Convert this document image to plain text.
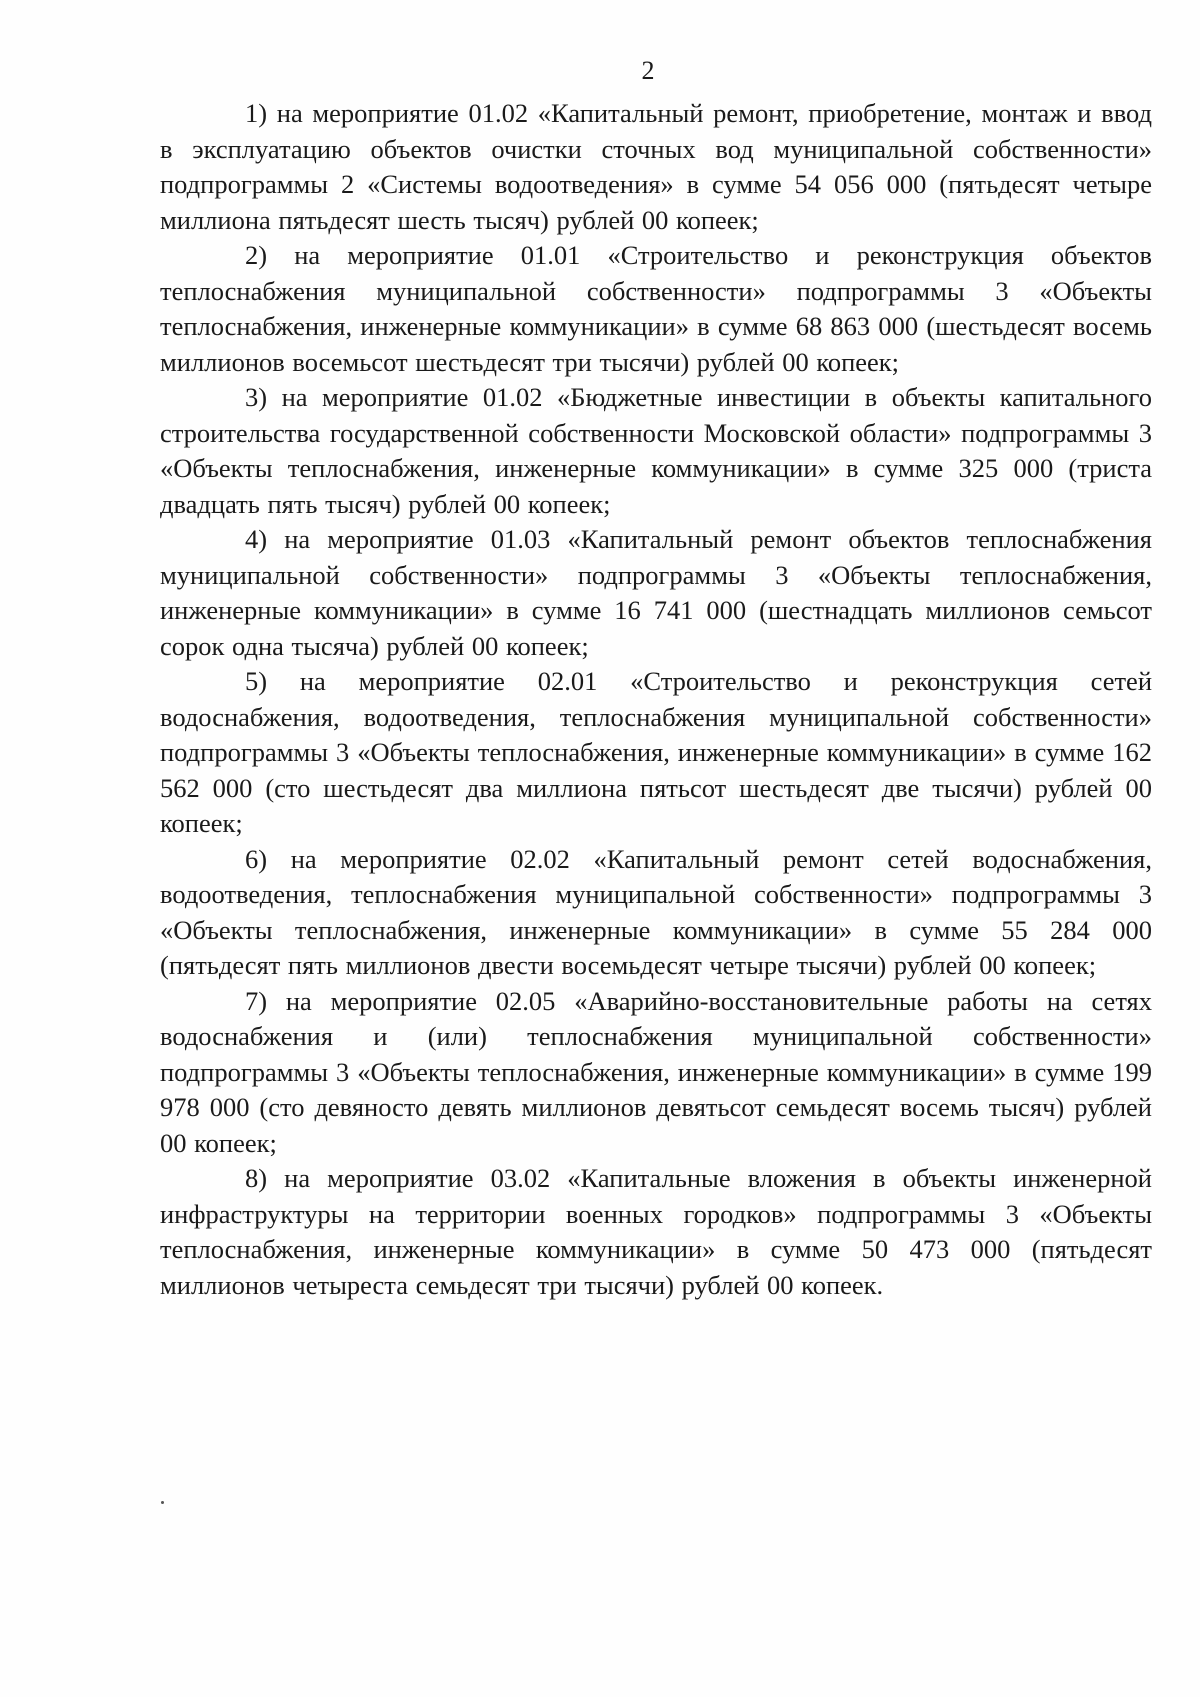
2

1) на мероприятие 01.02 «Капитальный ремонт, приобретение, монтаж и ввод в эксплуатацию объектов очистки сточных вод муниципальной собственности» подпрограммы 2 «Системы водоотведения» в сумме 54 056 000 (пятьдесят четыре миллиона пятьдесят шесть тысяч) рублей 00 копеек;

2) на мероприятие 01.01 «Строительство и реконструкция объектов теплоснабжения муниципальной собственности» подпрограммы 3 «Объекты теплоснабжения, инженерные коммуникации» в сумме 68 863 000 (шестьдесят восемь миллионов восемьсот шестьдесят три тысячи) рублей 00 копеек;

3) на мероприятие 01.02 «Бюджетные инвестиции в объекты капитального строительства государственной собственности Московской области» подпрограммы 3 «Объекты теплоснабжения, инженерные коммуникации» в сумме 325 000 (триста двадцать пять тысяч) рублей 00 копеек;

4) на мероприятие 01.03 «Капитальный ремонт объектов теплоснабжения муниципальной собственности» подпрограммы 3 «Объекты теплоснабжения, инженерные коммуникации» в сумме 16 741 000 (шестнадцать миллионов семьсот сорок одна тысяча) рублей 00 копеек;

5) на мероприятие 02.01 «Строительство и реконструкция сетей водоснабжения, водоотведения, теплоснабжения муниципальной собственности» подпрограммы 3 «Объекты теплоснабжения, инженерные коммуникации» в сумме 162 562 000 (сто шестьдесят два миллиона пятьсот шестьдесят две тысячи) рублей 00 копеек;

6) на мероприятие 02.02 «Капитальный ремонт сетей водоснабжения, водоотведения, теплоснабжения муниципальной собственности» подпрограммы 3 «Объекты теплоснабжения, инженерные коммуникации» в сумме 55 284 000 (пятьдесят пять миллионов двести восемьдесят четыре тысячи) рублей 00 копеек;

7) на мероприятие 02.05 «Аварийно-восстановительные работы на сетях водоснабжения и (или) теплоснабжения муниципальной собственности» подпрограммы 3 «Объекты теплоснабжения, инженерные коммуникации» в сумме 199 978 000 (сто девяносто девять миллионов девятьсот семьдесят восемь тысяч) рублей 00 копеек;

8) на мероприятие 03.02 «Капитальные вложения в объекты инженерной инфраструктуры на территории военных городков» подпрограммы 3 «Объекты теплоснабжения, инженерные коммуникации» в сумме 50 473 000 (пятьдесят миллионов четыреста семьдесят три тысячи) рублей 00 копеек.
